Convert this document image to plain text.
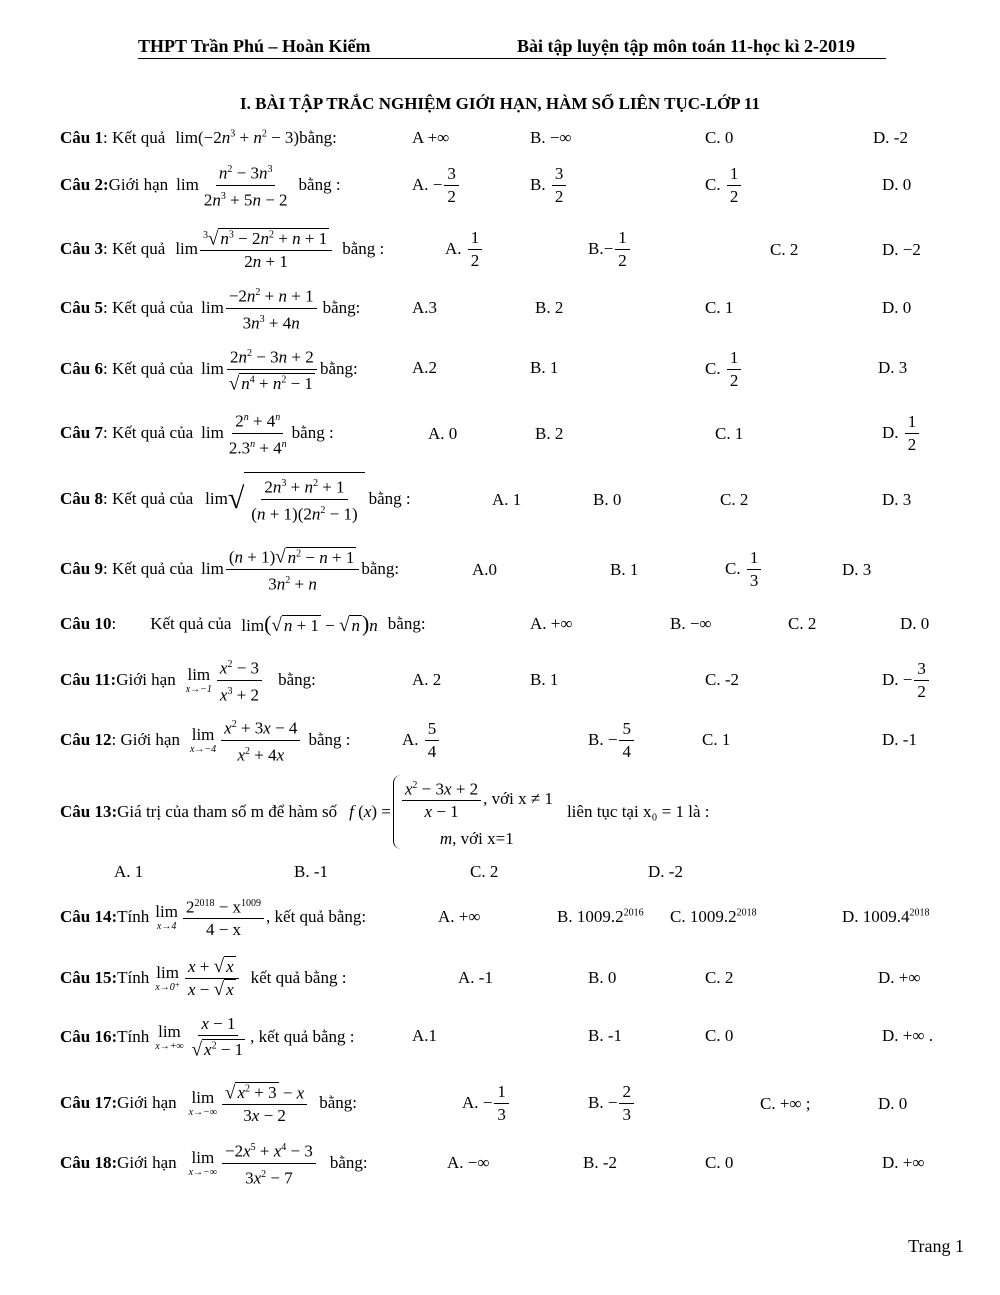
THPT Trần Phú – Hoàn Kiếm	Bài tập luyện tập môn toán 11-học kì 2-2019
I. BÀI TẬP TRẮC NGHIỆM GIỚI HẠN, HÀM SỐ LIÊN TỤC-LỚP 11
Câu 1 : Kết quả $\lim(-2n^3 + n^2 - 3)$ bằng:	A +∞	B. −∞	C. 0	D. -2
Câu 2: Giới hạn $\lim \frac{n^2 - 3n^3}{2n^3 + 5n - 2}$ bằng :	A. − $\frac{3}{2}$	B.
$\frac{3}{2}$	C.
$\frac{1}{2}$	D. 0
Câu 3 : Kết quả $\lim \frac{^3√ n^3 - 2n^2 + n + 1}{2n + 1}$ bằng :	A.
$\frac{1}{2}$	B. − $\frac{1}{2}$	C. 2	D. −2
Câu 5 : Kết quả của $\lim \frac{-2n^2 + n + 1}{3n^3 + 4n}$ bằng:	A.3	B. 2	C. 1	D. 0
Câu 6 : Kết quả của $\lim \frac{2n^2 - 3n + 2}{√ n^4 + n^2 - 1}$ bằng:	A.2	B. 1	C.
$\frac{1}{2}$	D. 3
Câu 7 : Kết quả của $\lim \frac{2^n + 4^n}{2.3^n + 4^n}$ bằng :	A. 0	B. 2	C. 1	D.
$\frac{1}{2}$
Câu 8 : Kết quả của lim √ $\frac{2n^3 + n^2 + 1}{(n + 1)(2n^2 - 1)}$ bằng :	A. 1	B. 0	C. 2	D. 3
Câu 9 : Kết quả của $\lim \frac{(n + 1)√ n^2 - n + 1}{3n^2 + n}$ bằng:	A.0	B. 1	C.
$\frac{1}{3}$	D. 3
Câu 10 :        Kết quả của lim(√ n + 1 − √ n)n bằng:	A. +∞	B. −∞	C. 2	D. 0
Câu 11: Giới hạn lim
$x\to-1 \frac{x^2 - 3}{x^3 + 2}$ bằng:	A. 2	B. 1	C. -2	D. − $\frac{3}{2}$
Câu 12 : Giới hạn lim
$x\to-4 \frac{x^2 + 3x - 4}{x^2 + 4x}$ bằng :	A.
$\frac{5}{4}$	B. − $\frac{5}{4}$	C. 1	D. -1
Câu 13: Giá trị của tham số m để hàm số f $(x) = \frac{x^2 - 3x + 2}{x - 1}$ , với x ≠ 1
m, với x=1
liên tục tại x₀ = 1 là :
A. 1	B. -1	C. 2	D. -2
Câu 14: Tính lim
$x\to 4 \frac{2^{2018} - x^{1009}}{4 - x}$ , kết quả bằng:	A. +∞	B. $1009.2^{2016}$ C. $1009.2^{2018}$	D. $1009.4^{2018}$
Câu 15: Tính lim
$x\to 0^+ \frac{x + √ x}{x - √ x}$ kết quả bằng :	A. -1	B. 0	C. 2	D. +∞
Câu 16: Tính lim
$x\to+\infty \frac{x - 1}{√ x^2 - 1}$ , kết quả bằng :	A.1	B. -1	C. 0	D. +∞ .
Câu 17: Giới hạn lim
$x\to-\infty \frac{√ x^2 + 3 - x}{3x - 2}$ bằng:	A. − $\frac{1}{3}$	B. − $\frac{2}{3}$	C. +∞ ;	D. 0
Câu 18: Giới hạn lim
$x\to-\infty \frac{-2x^5 + x^4 - 3}{3x^2 - 7}$ bằng:	A. −∞	B. -2	C. 0	D. +∞
Trang 1
